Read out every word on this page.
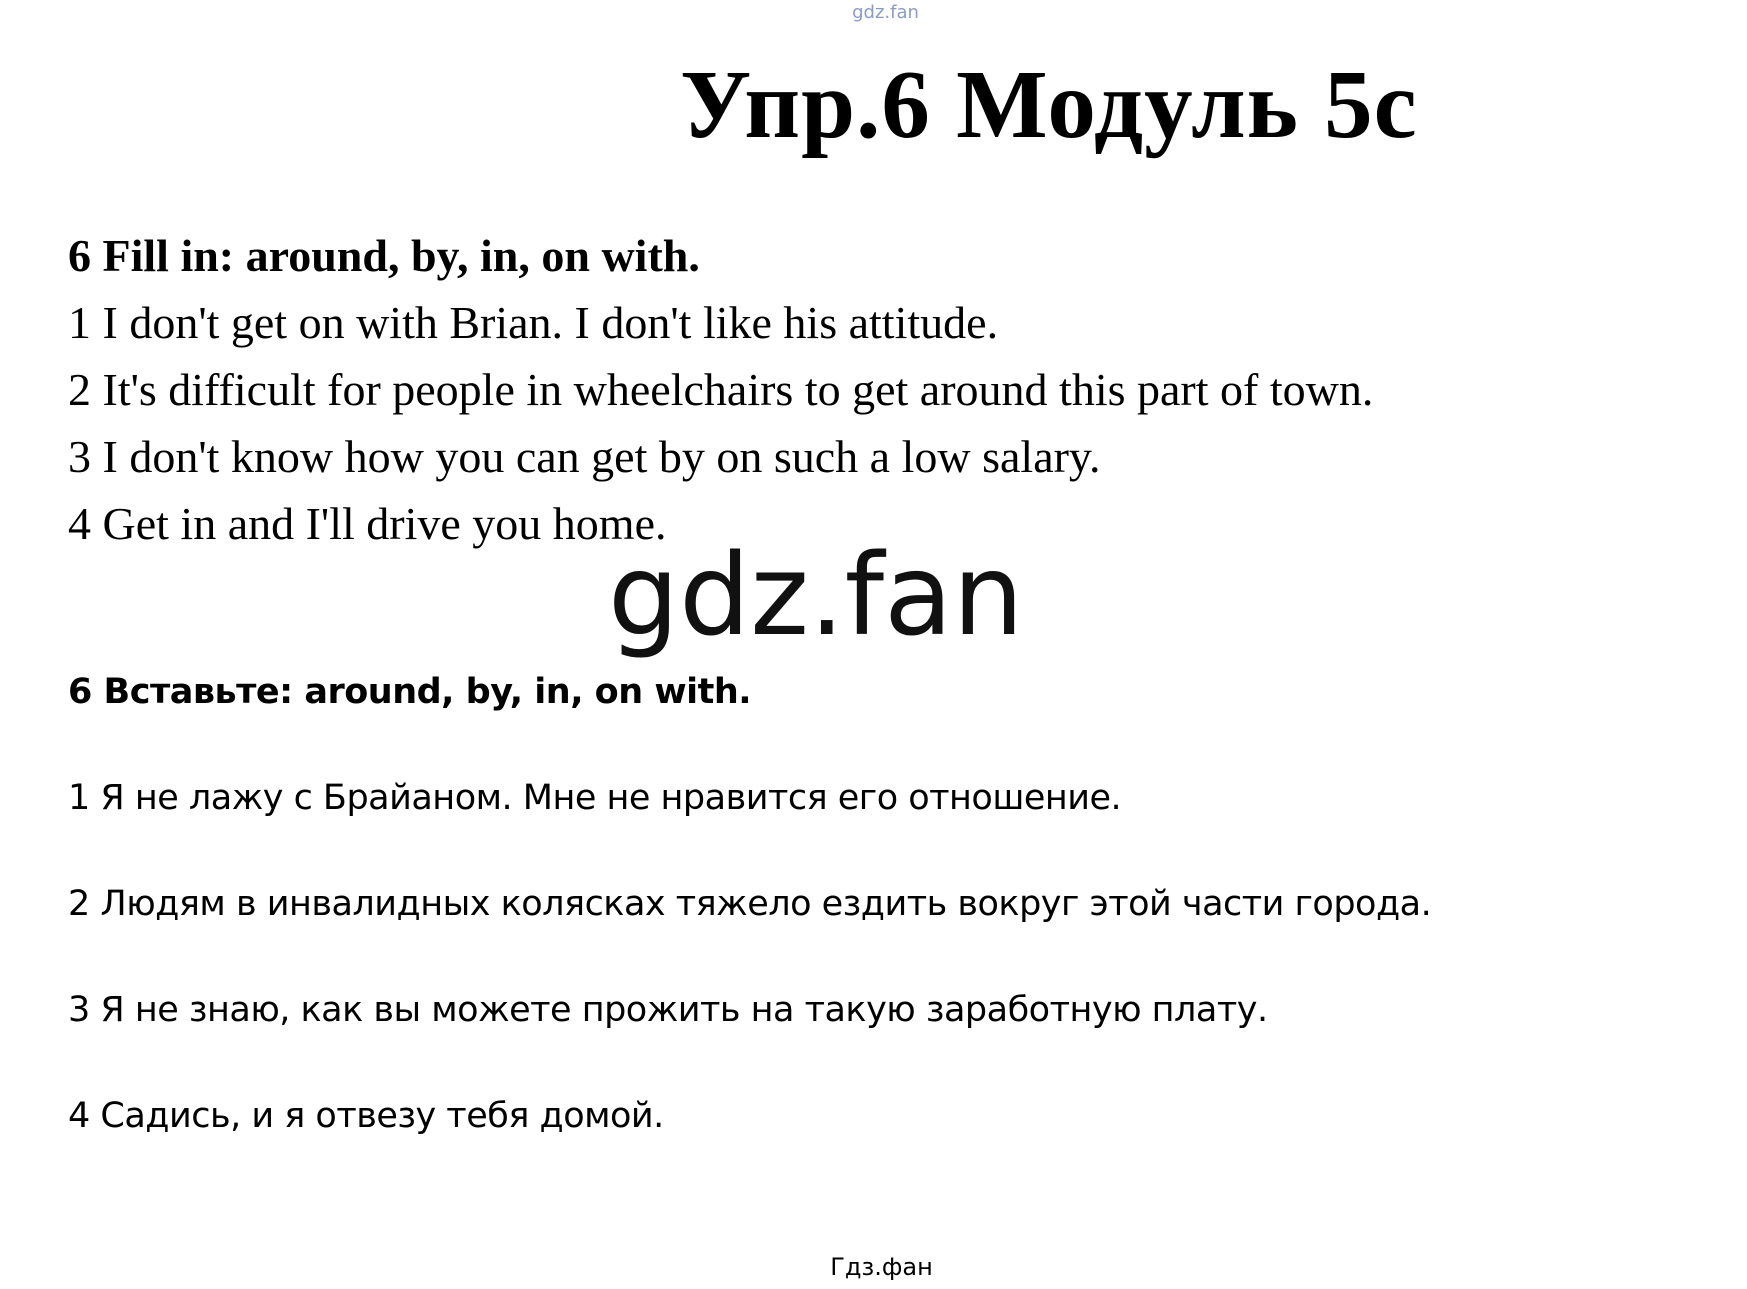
gdz.fan
Упр.6 Модуль 5c
6 Fill in: around, by, in, on with.
1 I don't get on with Brian. I don't like his attitude.
2 It's difficult for people in wheelchairs to get around this part of town.
3 I don't know how you can get by on such a low salary.
4 Get in and I'll drive you home.
gdz.fan
6 Вставьте: around, by, in, on with.
1 Я не лажу с Брайаном. Мне не нравится его отношение.
2 Людям в инвалидных колясках тяжело ездить вокруг этой части города.
3 Я не знаю, как вы можете прожить на такую заработную плату.
4 Садись, и я отвезу тебя домой.
Гдз.фан
